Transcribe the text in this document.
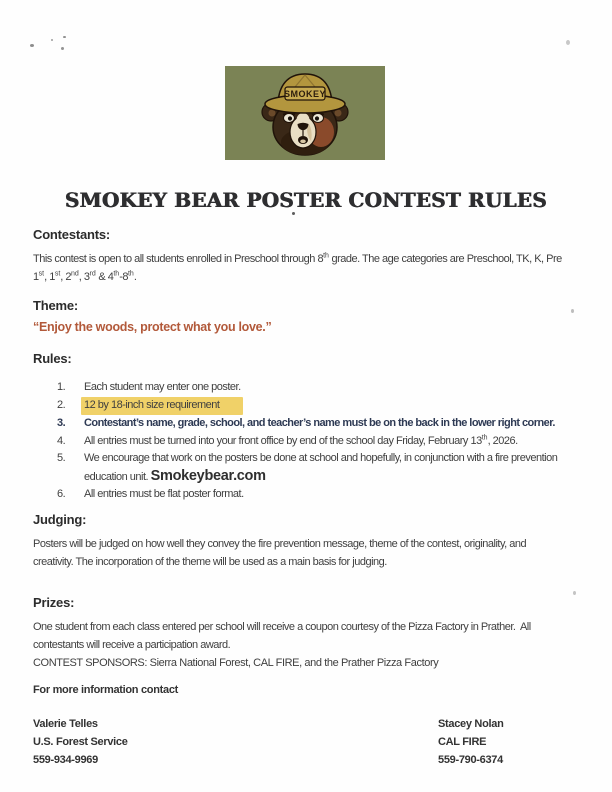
SMOKEY
SMOKEY BEAR POSTER CONTEST RULES
Contestants:

This contest is open to all students enrolled in Preschool through 8th grade. The age categories are Preschool, TK, K, Pre
1st, 1st, 2nd, 3rd & 4th-8th.

Theme:

“Enjoy the woods, protect what you love.”

Rules:
1.	Each student may enter one poster.
2.	12 by 18-inch size requirement
3.	Contestant’s name, grade, school, and teacher’s name must be on the back in the lower right corner.
4.	All entries must be turned into your front office by end of the school day Friday, February 13th, 2026.
5.	We encourage that work on the posters be done at school and hopefully, in conjunction with a fire prevention
education unit. Smokeybear.com
6.	All entries must be flat poster format.
Judging:

Posters will be judged on how well they convey the fire prevention message, theme of the contest, originality, and
creativity. The incorporation of the theme will be used as a main basis for judging.

Prizes:

One student from each class entered per school will receive a coupon courtesy of the Pizza Factory in Prather.  All
contestants will receive a participation award.

CONTEST SPONSORS: Sierra National Forest, CAL FIRE, and the Prather Pizza Factory

For more information contact

Valerie Telles
U.S. Forest Service
559-934-9969
Stacey Nolan
CAL FIRE
559-790-6374
